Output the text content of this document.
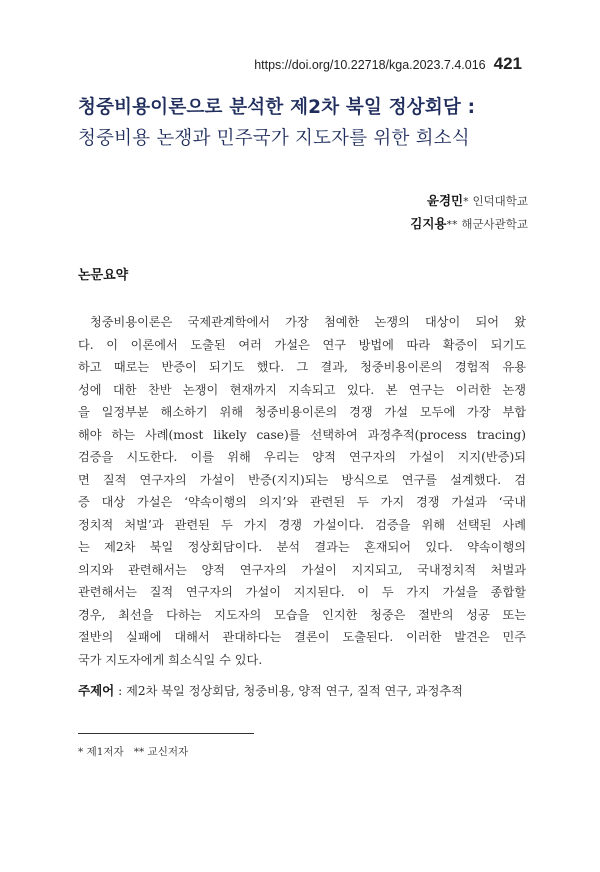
https://doi.org/10.22718/kga.2023.7.4.016 421
청중비용이론으로 분석한 제2차 북일 정상회담 :
청중비용 논쟁과 민주국가 지도자를 위한 희소식
윤경민* 인덕대학교
김지용** 해군사관학교
논문요약
청중비용이론은 국제관계학에서 가장 첨예한 논쟁의 대상이 되어 왔
다. 이 이론에서 도출된 여러 가설은 연구 방법에 따라 확증이 되기도
하고 때로는 반증이 되기도 했다. 그 결과, 청중비용이론의 경험적 유용
성에 대한 찬반 논쟁이 현재까지 지속되고 있다. 본 연구는 이러한 논쟁
을 일정부분 해소하기 위해 청중비용이론의 경쟁 가설 모두에 가장 부합
해야 하는 사례(most likely case)를 선택하여 과정추적(process tracing)
검증을 시도한다. 이를 위해 우리는 양적 연구자의 가설이 지지(반증)되
면 질적 연구자의 가설이 반증(지지)되는 방식으로 연구를 설계했다. 검
증 대상 가설은 ‘약속이행의 의지’와 관련된 두 가지 경쟁 가설과 ‘국내
정치적 처벌’과 관련된 두 가지 경쟁 가설이다. 검증을 위해 선택된 사례
는 제2차 북일 정상회담이다. 분석 결과는 혼재되어 있다. 약속이행의
의지와 관련해서는 양적 연구자의 가설이 지지되고, 국내정치적 처벌과
관련해서는 질적 연구자의 가설이 지지된다. 이 두 가지 가설을 종합할
경우, 최선을 다하는 지도자의 모습을 인지한 청중은 절반의 성공 또는
절반의 실패에 대해서 관대하다는 결론이 도출된다. 이러한 발견은 민주
국가 지도자에게 희소식일 수 있다.
주제어 : 제2차 북일 정상회담, 청중비용, 양적 연구, 질적 연구, 과정추적
* 제1저자   ** 교신저자
